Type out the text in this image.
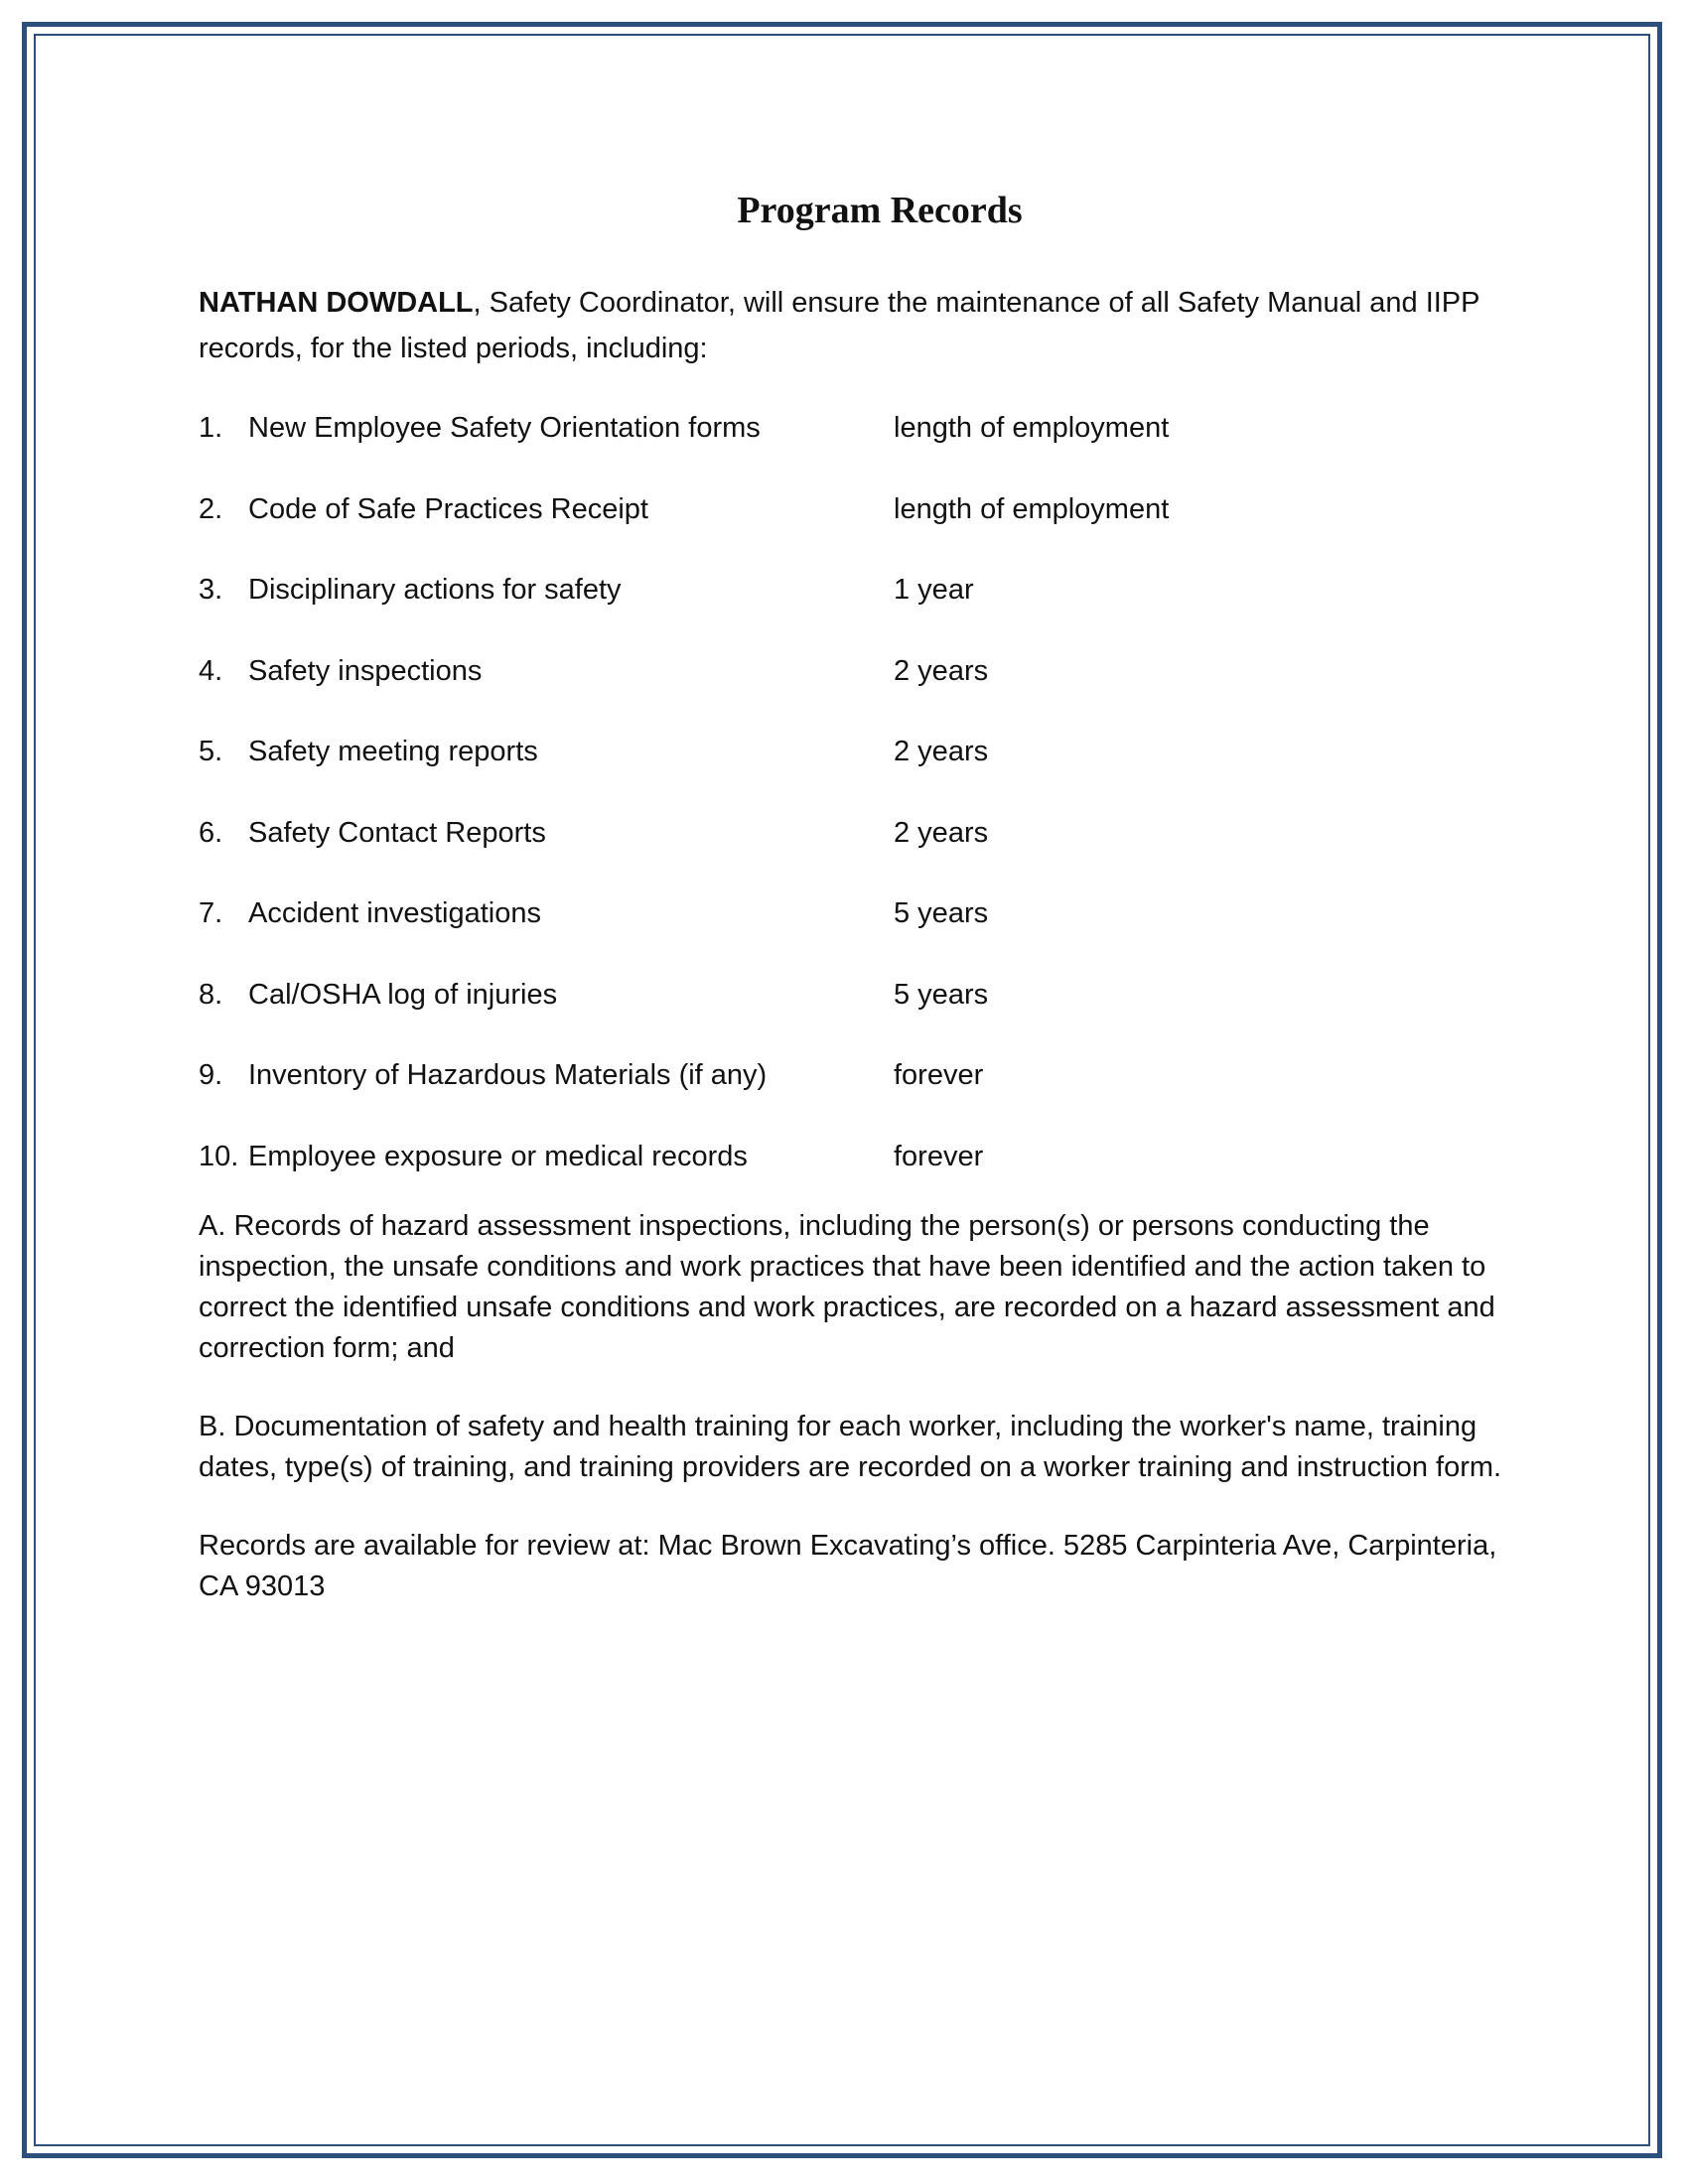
Program Records

NATHAN DOWDALL, Safety Coordinator, will ensure the maintenance of all Safety Manual and IIPP records, for the listed periods, including:

1. New Employee Safety Orientation forms	length of employment
2. Code of Safe Practices Receipt	length of employment
3. Disciplinary actions for safety	1 year
4. Safety inspections	2 years
5. Safety meeting reports	2 years
6. Safety Contact Reports	2 years
7. Accident investigations	5 years
8. Cal/OSHA log of injuries	5 years
9. Inventory of Hazardous Materials (if any)	forever
10. Employee exposure or medical records	forever

A. Records of hazard assessment inspections, including the person(s) or persons conducting the inspection, the unsafe conditions and work practices that have been identified and the action taken to correct the identified unsafe conditions and work practices, are recorded on a hazard assessment and correction form; and

B. Documentation of safety and health training for each worker, including the worker's name, training dates, type(s) of training, and training providers are recorded on a worker training and instruction form.

Records are available for review at: Mac Brown Excavating’s office. 5285 Carpinteria Ave, Carpinteria, CA 93013
